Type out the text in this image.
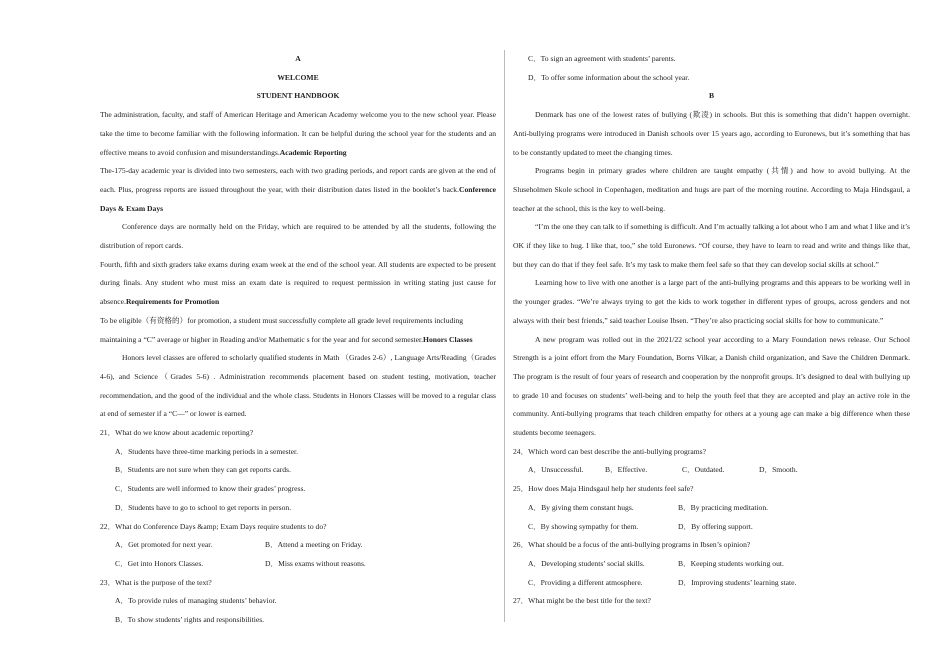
A

WELCOME

STUDENT HANDBOOK

The administration, faculty, and staff of American Heritage and American Academy welcome you to the new school year. Please take the time to become familiar with the following information. It can be helpful during the school year for the students and an effective means to avoid confusion and misunderstandings.Academic Reporting

The-175-day academic year is divided into two semesters, each with two grading periods, and report cards are given at the end of each. Plus, progress reports are issued throughout the year, with their distribution dates listed in the booklet’s back.Conference Days & Exam Days

Conference days are normally held on the Friday, which are required to be attended by all the students, following the distribution of report cards.

Fourth, fifth and sixth graders take exams during exam week at the end of the school year. All students are expected to be present during finals. Any student who must miss an exam date is required to request permission in writing stating just cause for absence.Requirements for Promotion

To be eligible（有资格的）for promotion, a student must successfully complete all grade level requirements including maintaining a “C” average or higher in Reading and/or Mathematic s for the year and for second semester.Honors Classes

Honors level classes are offered to scholarly qualified students in Math （Grades 2-6）, Language Arts/Reading（Grades 4-6), and Science（Grades 5-6) . Administration recommends placement based on student testing, motivation, teacher recommendation, and the good of the individual and the whole class. Students in Honors Classes will be moved to a regular class at end of semester if a “C—” or lower is earned.

21．What do we know about academic reporting?

A．Students have three-time marking periods in a semester.

B．Students are not sure when they can get reports cards.

C．Students are well informed to know their grades’ progress.

D．Students have to go to school to get reports in person.

22．What do Conference Days &amp; Exam Days require students to do?

A．Get promoted for next year.	B．Attend a meeting on Friday.

C．Get into Honors Classes.	D．Miss exams without reasons.

23．What is the purpose of the text?

A．To provide rules of managing students’ behavior.

B．To show students’ rights and responsibilities.

C．To sign an agreement with students’ parents.

D．To offer some information about the school year.

B

Denmark has one of the lowest rates of bullying (欺凌) in schools. But this is something that didn’t happen overnight. Anti-bullying programs were introduced in Danish schools over 15 years ago, according to Euronews, but it’s something that has to be constantly updated to meet the changing times.

Programs begin in primary grades where children are taught empathy (共情) and how to avoid bullying. At the Sluseholmen Skole school in Copenhagen, meditation and hugs are part of the morning routine. According to Maja Hindsgaul, a teacher at the school, this is the key to well-being.

“I’m the one they can talk to if something is difficult. And I’m actually talking a lot about who I am and what I like and it’s OK if they like to hug. I like that, too,” she told Euronews. “Of course, they have to learn to read and write and things like that, but they can do that if they feel safe. It’s my task to make them feel safe so that they can develop social skills at school.”

Learning how to live with one another is a large part of the anti-bullying programs and this appears to be working well in the younger grades. “We’re always trying to get the kids to work together in different types of groups, across genders and not always with their best friends,” said teacher Louise Ibsen. “They’re also practicing social skills for how to communicate.”

A new program was rolled out in the 2021/22 school year according to a Mary Foundation news release. Our School Strength is a joint effort from the Mary Foundation, Borns Vilkar, a Danish child organization, and Save the Children Denmark. The program is the result of four years of research and cooperation by the nonprofit groups. It’s designed to deal with bullying up to grade 10 and focuses on students’ well-being and to help the youth feel that they are accepted and play an active role in the community. Anti-bullying programs that teach children empathy for others at a young age can make a big difference when these students become teenagers.

24．Which word can best describe the anti-bullying programs?

A．Unsuccessful.	B．Effective.	C．Outdated.	D．Smooth.

25．How does Maja Hindsgaul help her students feel safe?

A．By giving them constant hugs.	B．By practicing meditation.

C．By showing sympathy for them.	D．By offering support.

26．What should be a focus of the anti-bullying programs in Ibsen’s opinion?

A．Developing students’ social skills.	B．Keeping students working out.

C．Providing a different atmosphere.	D．Improving students’ learning state.

27．What might be the best title for the text?
